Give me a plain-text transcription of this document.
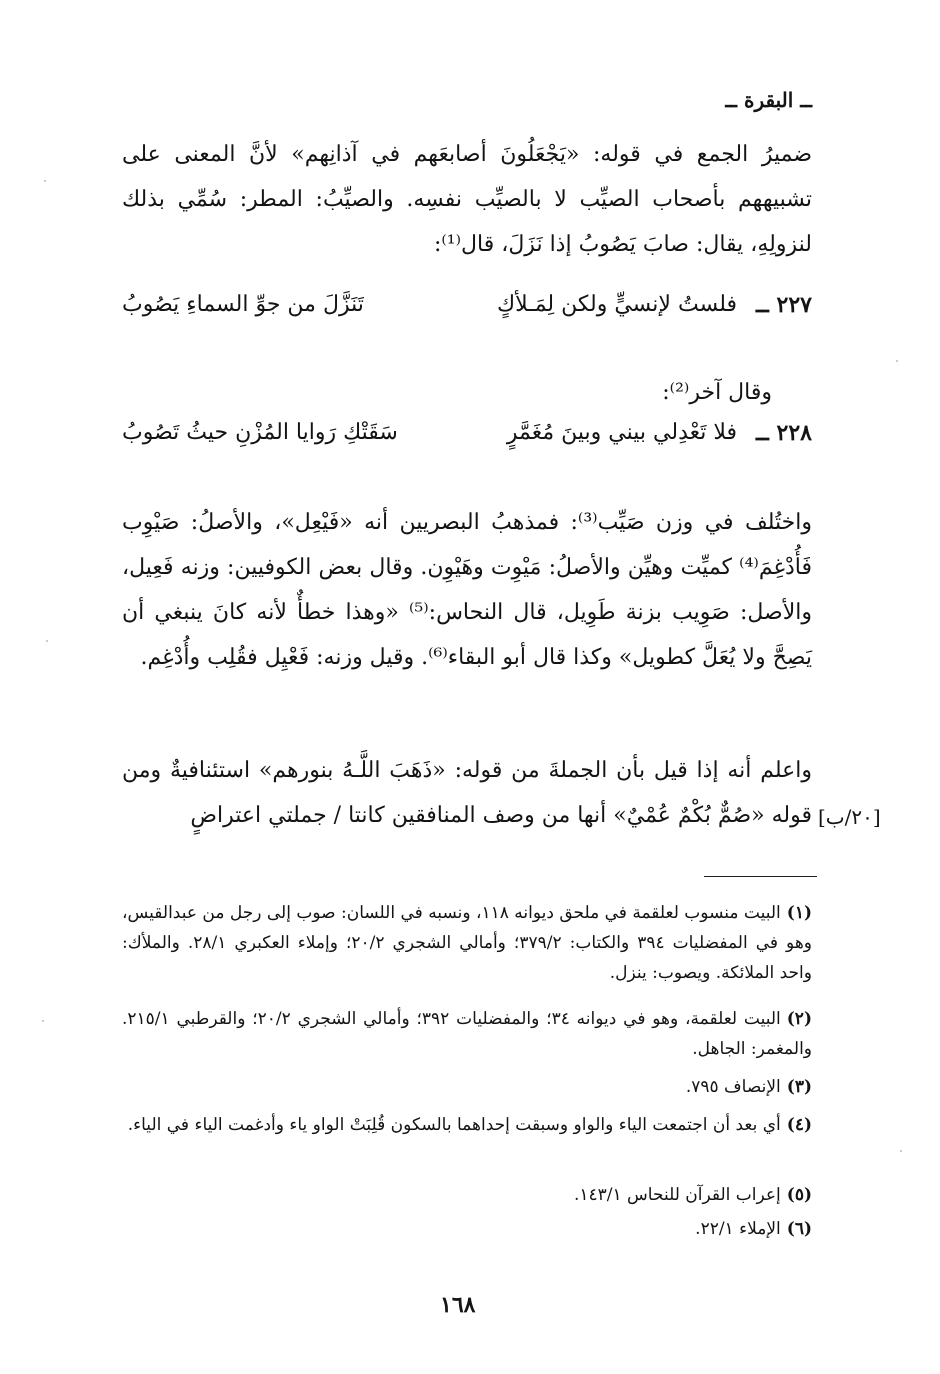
ــ البقرة ــ
ضميرُ الجمع في قوله: «يَجْعَلُونَ أصابعَهم في آذانِهم» لأنَّ المعنى على تشبيههم بأصحاب الصيِّب لا بالصيِّب نفسِه. والصيِّبُ: المطر: سُمِّي بذلك لنزولِهِ، يقال: صابَ يَصُوبُ إذا نَزَلَ، قال⁽¹⁾:
٢٢٧ ــ
فلستُ لإنسيٍّ ولكن لِمَـلأكٍ
تَنَزَّلَ من جوِّ السماءِ يَصُوبُ
وقال آخر⁽²⁾:
٢٢٨ ــ
فلا تَعْدِلي بيني وبينَ مُغَمَّرٍ
سَقَتْكِ رَوايا المُزْنِ حيثُ تَصُوبُ
واختُلف في وزن صَيِّب⁽³⁾: فمذهبُ البصريين أنه «فَيْعِل»، والأصلُ: صَيْوِب فَأُدْغِمَ⁽⁴⁾ كميِّت وهيِّن والأصلُ: مَيْوِت وهَيْوِن. وقال بعض الكوفيين: وزنه فَعِيل، والأصل: صَوِيب بزنة طَوِيل، قال النحاس:⁽⁵⁾ «وهذا خطأٌ لأنه كانَ ينبغي أن يَصِحَّ ولا يُعَلَّ كطويل» وكذا قال أبو البقاء⁽⁶⁾. وقيل وزنه: فَعْيِل فقُلِب وأُدْغِم.
واعلم أنه إذا قيل بأن الجملةَ من قوله: «ذَهَبَ اللَّـهُ بنورهم» استئنافيةٌ ومن قوله «صُمٌّ بُكْمٌ عُمْيٌ» أنها من وصف المنافقين كانتا / جملتي اعتراضٍ [٢٠/ب]
(١)البيت منسوب لعلقمة في ملحق ديوانه ١١٨، ونسبه في اللسان: صوب إلى رجل من عبدالقيس، وهو في المفضليات ٣٩٤ والكتاب: ٣٧٩/٢؛ وأمالي الشجري ٢٠/٢؛ وإملاء العكبري ٢٨/١. والملأك: واحد الملائكة. ويصوب: ينزل.
(٢)البيت لعلقمة، وهو في ديوانه ٣٤؛ والمفضليات ٣٩٢؛ وأمالي الشجري ٢٠/٢؛ والقرطبي ٢١٥/١. والمغمر: الجاهل.
(٣)الإنصاف ٧٩٥.
(٤)أي بعد أن اجتمعت الياء والواو وسبقت إحداهما بالسكون قُلِبَتْ الواو ياء وأدغمت الياء في الياء.
(٥)إعراب القرآن للنحاس ١٤٣/١.
(٦)الإملاء ٢٢/١.
١٦٨
